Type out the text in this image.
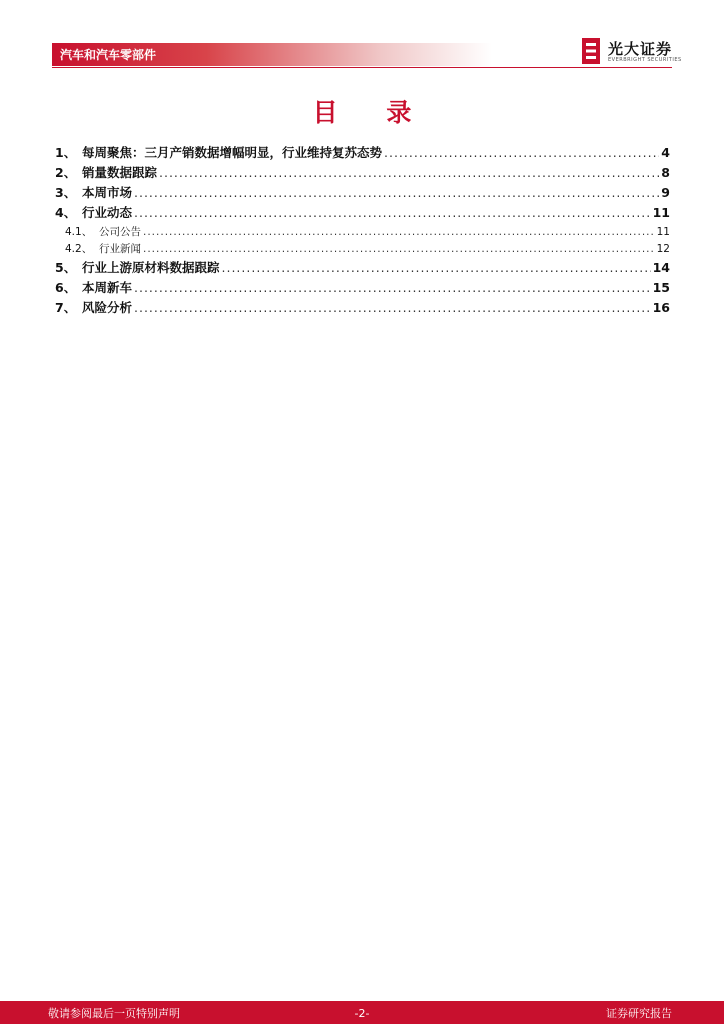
汽车和汽车零部件	光大证券
EVERBRIGHT SECURITIES
目 录
1、 每周聚焦：三月产销数据增幅明显，行业维持复苏态势 .....	4
2、 销量数据跟踪 .....	8
3、 本周市场 .....	9
4、 行业动态 .....	11
4.1、 公司公告 .....	11
4.2、 行业新闻 .....	12
5、 行业上游原材料数据跟踪 .....	14
6、 本周新车 .....	15
7、 风险分析 .....	16
敬请参阅最后一页特别声明	-2-	证券研究报告
